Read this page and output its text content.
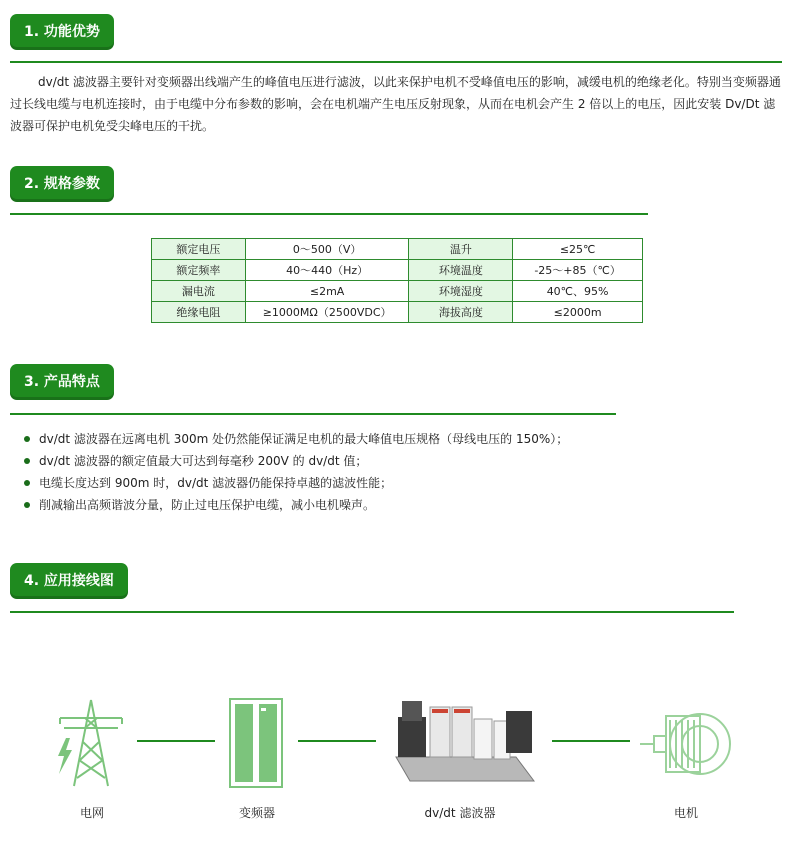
1. 功能优势
dv/dt 滤波器主要针对变频器出线端产生的峰值电压进行滤波，以此来保护电机不受峰值电压的影响，减缓电机的绝缘老化。特别当变频器通过长线电缆与电机连接时，由于电缆中分布参数的影响，会在电机端产生电压反射现象，从而在电机会产生 2 倍以上的电压，因此安装 Dv/Dt 滤波器可保护电机免受尖峰电压的干扰。
2. 规格参数
额定电压	0～500（V）	温升	≤25℃
额定频率	40～440（Hz）	环境温度	-25～+85（℃）
漏电流	≤2mA	环境湿度	40℃、95%
绝缘电阻	≥1000MΩ（2500VDC）	海拔高度	≤2000m
3. 产品特点
dv/dt 滤波器在远离电机 300m 处仍然能保证满足电机的最大峰值电压规格（母线电压的 150%）；
dv/dt 滤波器的额定值最大可达到每毫秒 200V 的 dv/dt 值；
电缆长度达到 900m 时，dv/dt 滤波器仍能保持卓越的滤波性能；
削减输出高频谐波分量，防止过电压保护电缆，减小电机噪声。
4. 应用接线图
电网	变频器	dv/dt 滤波器	电机
